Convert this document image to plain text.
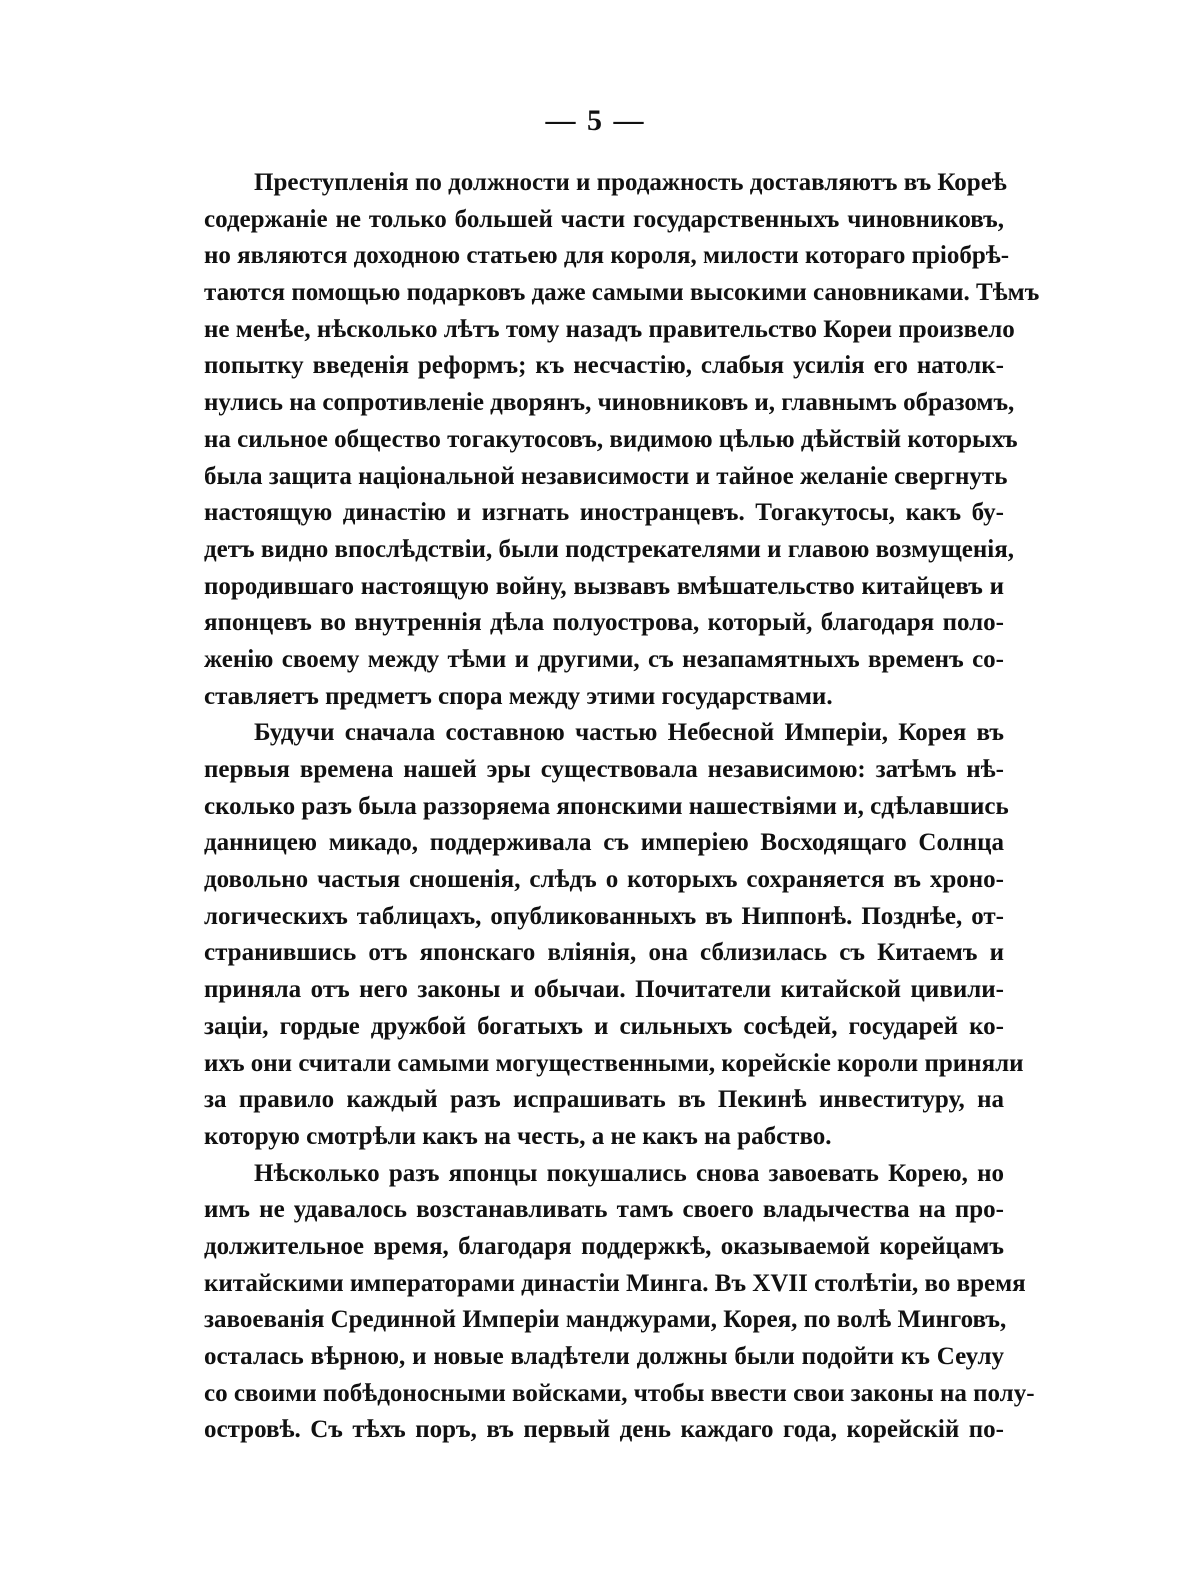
— 5 —
Преступленія по должности и продажность доставляютъ въ Кореѣ
содержаніе не только большей части государственныхъ чиновниковъ,
но являются доходною статьею для короля, милости котораго пріобрѣ-
таются помощью подарковъ даже самыми высокими сановниками. Тѣмъ
не менѣе, нѣсколько лѣтъ тому назадъ правительство Кореи произвело
попытку введенія реформъ; къ несчастію, слабыя усилія его натолк-
нулись на сопротивленіе дворянъ, чиновниковъ и, главнымъ образомъ,
на сильное общество тогакутосовъ, видимою цѣлью дѣйствій которыхъ
была защита національной независимости и тайное желаніе свергнуть
настоящую династію и изгнать иностранцевъ. Тогакутосы, какъ бу-
детъ видно впослѣдствіи, были подстрекателями и главою возмущенія,
породившаго настоящую войну, вызвавъ вмѣшательство китайцевъ и
японцевъ во внутреннія дѣла полуострова, который, благодаря поло-
женію своему между тѣми и другими, съ незапамятныхъ временъ со-
ставляетъ предметъ спора между этими государствами.
Будучи сначала составною частью Небесной Имперіи, Корея въ
первыя времена нашей эры существовала независимою: затѣмъ нѣ-
сколько разъ была раззоряема японскими нашествіями и, сдѣлавшись
данницею микадо, поддерживала съ имперіею Восходящаго Солнца
довольно частыя сношенія, слѣдъ о которыхъ сохраняется въ хроно-
логическихъ таблицахъ, опубликованныхъ въ Ниппонѣ. Позднѣе, от-
странившись отъ японскаго вліянія, она сблизилась съ Китаемъ и
приняла отъ него законы и обычаи. Почитатели китайской цивили-
заціи, гордые дружбой богатыхъ и сильныхъ сосѣдей, государей ко-
ихъ они считали самыми могущественными, корейскіе короли приняли
за правило каждый разъ испрашивать въ Пекинѣ инвеституру, на
которую смотрѣли какъ на честь, а не какъ на рабство.
Нѣсколько разъ японцы покушались снова завоевать Корею, но
имъ не удавалось возстанавливать тамъ своего владычества на про-
должительное время, благодаря поддержкѣ, оказываемой корейцамъ
китайскими императорами династіи Минга. Въ XVII столѣтіи, во время
завоеванія Срединной Имперіи манджурами, Корея, по волѣ Минговъ,
осталась вѣрною, и новые владѣтели должны были подойти къ Сеулу
со своими побѣдоносными войсками, чтобы ввести свои законы на полу-
островѣ. Съ тѣхъ поръ, въ первый день каждаго года, корейскій по-
